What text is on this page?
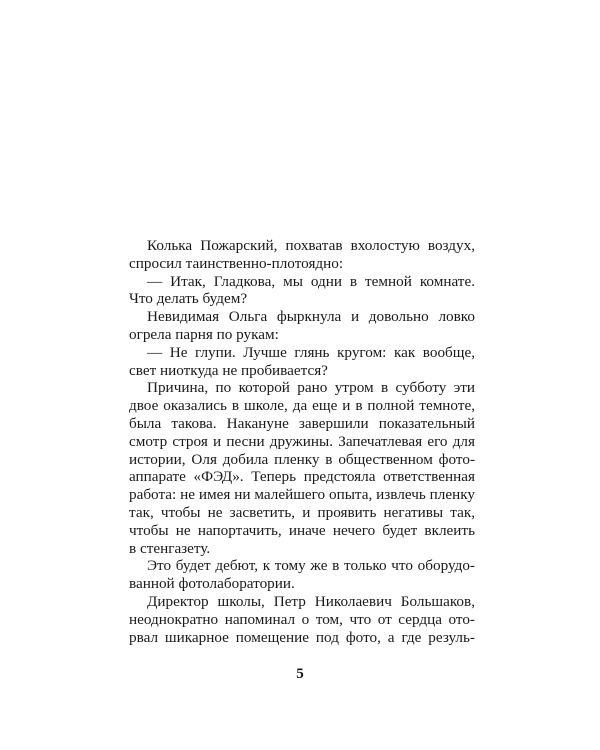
Колька Пожарский, похватав вхолостую воздух,
спросил таинственно-плотоядно:
— Итак, Гладкова, мы одни в темной комнате.
Что делать будем?
Невидимая Ольга фыркнула и довольно ловко
огрела парня по рукам:
— Не глупи. Лучше глянь кругом: как вообще,
свет ниоткуда не пробивается?
Причина, по которой рано утром в субботу эти
двое оказались в школе, да еще и в полной темноте,
была такова. Накануне завершили показательный
смотр строя и песни дружины. Запечатлевая его для
истории, Оля добила пленку в общественном фото-
аппарате «ФЭД». Теперь предстояла ответственная
работа: не имея ни малейшего опыта, извлечь пленку
так, чтобы не засветить, и проявить негативы так,
чтобы не напортачить, иначе нечего будет вклеить
в стенгазету.
Это будет дебют, к тому же в только что оборудо-
ванной фотолаборатории.
Директор школы, Петр Николаевич Большаков,
неоднократно напоминал о том, что от сердца ото-
рвал шикарное помещение под фото, а где резуль-
5
